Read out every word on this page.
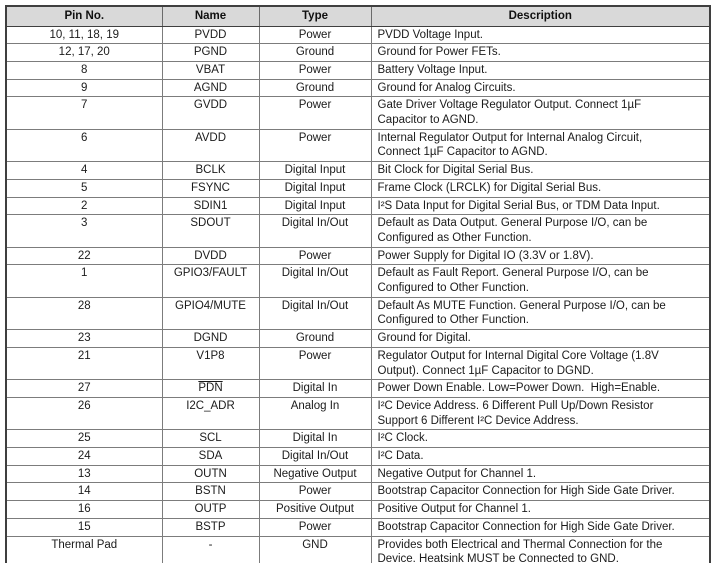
Pin No.	Name	Type	Description
10, 11, 18, 19	PVDD	Power	PVDD Voltage Input.
12, 17, 20	PGND	Ground	Ground for Power FETs.
8	VBAT	Power	Battery Voltage Input.
9	AGND	Ground	Ground for Analog Circuits.
7	GVDD	Power	Gate Driver Voltage Regulator Output. Connect 1µF
Capacitor to AGND.
6	AVDD	Power	Internal Regulator Output for Internal Analog Circuit,
Connect 1µF Capacitor to AGND.
4	BCLK	Digital Input	Bit Clock for Digital Serial Bus.
5	FSYNC	Digital Input	Frame Clock (LRCLK) for Digital Serial Bus.
2	SDIN1	Digital Input	I²S Data Input for Digital Serial Bus, or TDM Data Input.
3	SDOUT	Digital In/Out	Default as Data Output. General Purpose I/O, can be
Configured as Other Function.
22	DVDD	Power	Power Supply for Digital IO (3.3V or 1.8V).
1	GPIO3/FAULT	Digital In/Out	Default as Fault Report. General Purpose I/O, can be
Configured to Other Function.
28	GPIO4/MUTE	Digital In/Out	Default As MUTE Function. General Purpose I/O, can be
Configured to Other Function.
23	DGND	Ground	Ground for Digital.
21	V1P8	Power	Regulator Output for Internal Digital Core Voltage (1.8V
Output). Connect 1µF Capacitor to DGND.
27	$\overline{PDN}$	Digital In	Power Down Enable. Low=Power Down.  High=Enable.
26	I2C_ADR	Analog In	I²C Device Address. 6 Different Pull Up/Down Resistor
Support 6 Different I²C Device Address.
25	SCL	Digital In	I²C Clock.
24	SDA	Digital In/Out	I²C Data.
13	OUTN	Negative Output	Negative Output for Channel 1.
14	BSTN	Power	Bootstrap Capacitor Connection for High Side Gate Driver.
16	OUTP	Positive Output	Positive Output for Channel 1.
15	BSTP	Power	Bootstrap Capacitor Connection for High Side Gate Driver.
Thermal Pad	-	GND	Provides both Electrical and Thermal Connection for the
Device. Heatsink MUST be Connected to GND.
